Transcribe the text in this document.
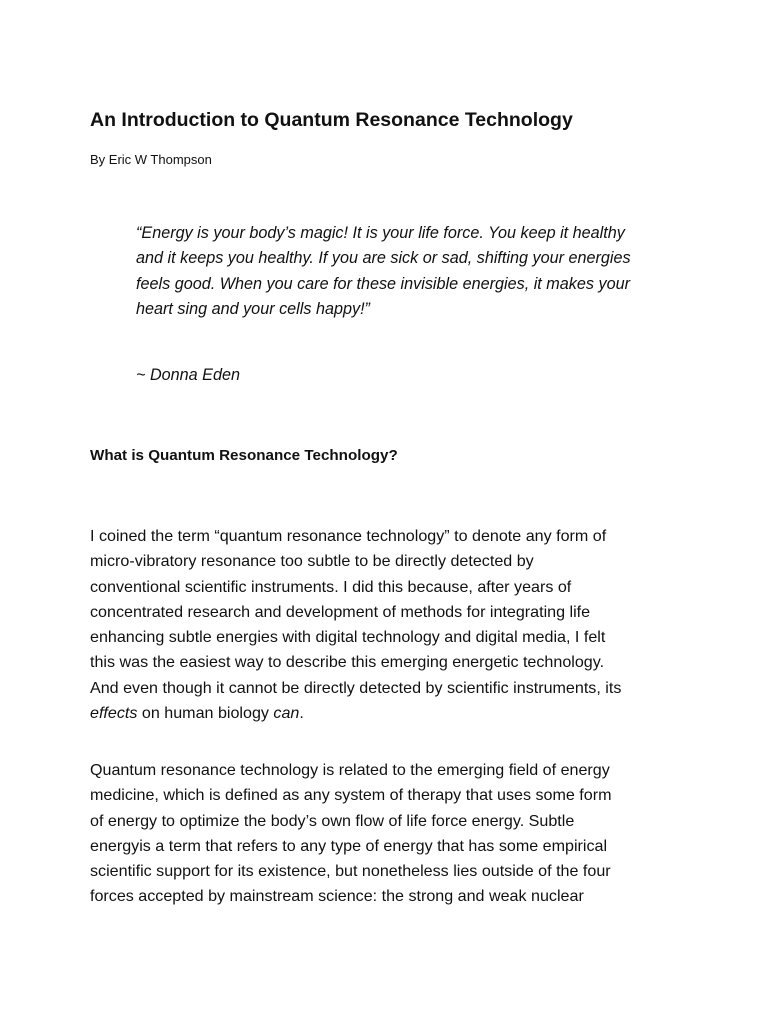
An Introduction to Quantum Resonance Technology

By Eric W Thompson

“Energy is your body’s magic! It is your life force. You keep it healthy
and it keeps you healthy. If you are sick or sad, shifting your energies
feels good. When you care for these invisible energies, it makes your
heart sing and your cells happy!”

~ Donna Eden

What is Quantum Resonance Technology?
I coined the term “quantum resonance technology” to denote any form of
micro-vibratory resonance too subtle to be directly detected by
conventional scientific instruments. I did this because, after years of
concentrated research and development of methods for integrating life
enhancing subtle energies with digital technology and digital media, I felt
this was the easiest way to describe this emerging energetic technology.
And even though it cannot be directly detected by scientific instruments, its
effects on human biology can.
Quantum resonance technology is related to the emerging field of energy
medicine, which is defined as any system of therapy that uses some form
of energy to optimize the body’s own flow of life force energy. Subtle
energyis a term that refers to any type of energy that has some empirical
scientific support for its existence, but nonetheless lies outside of the four
forces accepted by mainstream science: the strong and weak nuclear
